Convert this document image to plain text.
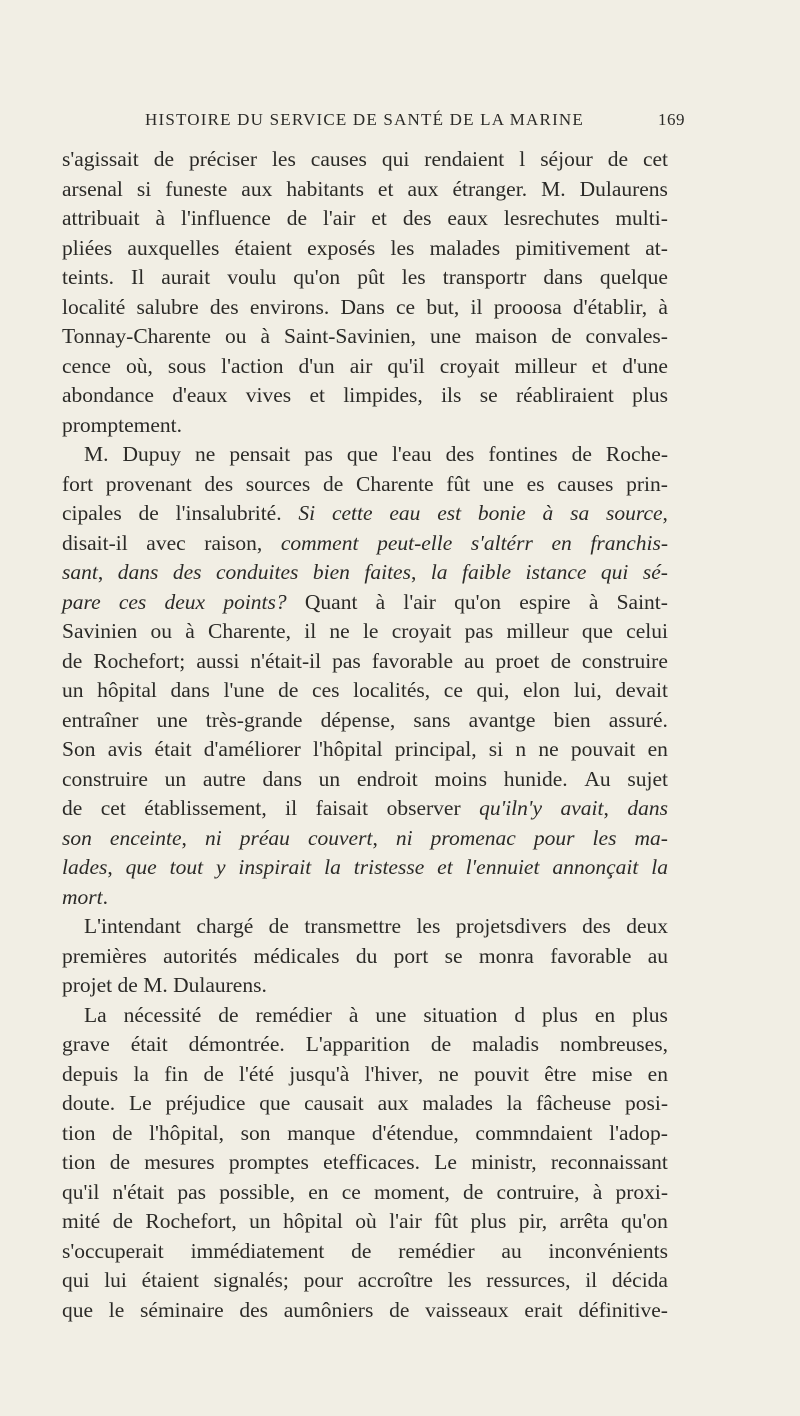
HISTOIRE DU SERVICE DE SANTÉ DE LA MARINE	169
s'agissait de préciser les causes qui rendaient l séjour de cet
arsenal si funeste aux habitants et aux étranger. M. Dulaurens
attribuait à l'influence de l'air et des eaux lesrechutes multi-
pliées auxquelles étaient exposés les malades pimitivement at-
teints. Il aurait voulu qu'on pût les transportr dans quelque
localité salubre des environs. Dans ce but, il prooosa d'établir, à
Tonnay-Charente ou à Saint-Savinien, une maison de convales-
cence où, sous l'action d'un air qu'il croyait milleur et d'une
abondance d'eaux vives et limpides, ils se réabliraient plus
promptement.
M. Dupuy ne pensait pas que l'eau des fontines de Roche-
fort provenant des sources de Charente fût une es causes prin-
cipales de l'insalubrité. Si cette eau est bonie à sa source,
disait-il avec raison, comment peut-elle s'altérr en franchis-
sant, dans des conduites bien faites, la faible istance qui sé-
pare ces deux points? Quant à l'air qu'on espire à Saint-
Savinien ou à Charente, il ne le croyait pas milleur que celui
de Rochefort; aussi n'était-il pas favorable au proet de construire
un hôpital dans l'une de ces localités, ce qui, elon lui, devait
entraîner une très-grande dépense, sans avantge bien assuré.
Son avis était d'améliorer l'hôpital principal, si n ne pouvait en
construire un autre dans un endroit moins hunide. Au sujet
de cet établissement, il faisait observer qu'iln'y avait, dans
son enceinte, ni préau couvert, ni promenac pour les ma-
lades, que tout y inspirait la tristesse et l'ennuiet annonçait la
mort.
L'intendant chargé de transmettre les projetsdivers des deux
premières autorités médicales du port se monra favorable au
projet
de
M.
Dulaurens.
La nécessité de remédier à une situation d plus en plus
grave était démontrée. L'apparition de maladis nombreuses,
depuis la fin de l'été jusqu'à l'hiver, ne pouvit être mise en
doute. Le préjudice que causait aux malades la fâcheuse posi-
tion de l'hôpital, son manque d'étendue, commndaient l'adop-
tion de mesures promptes etefficaces. Le ministr, reconnaissant
qu'il n'était pas possible, en ce moment, de contruire, à proxi-
mité de Rochefort, un hôpital où l'air fût plus pir, arrêta qu'on
s'occuperait immédiatement de remédier au inconvénients
qui lui étaient signalés; pour accroître les ressurces, il décida
que le séminaire des aumôniers de vaisseaux erait définitive-
